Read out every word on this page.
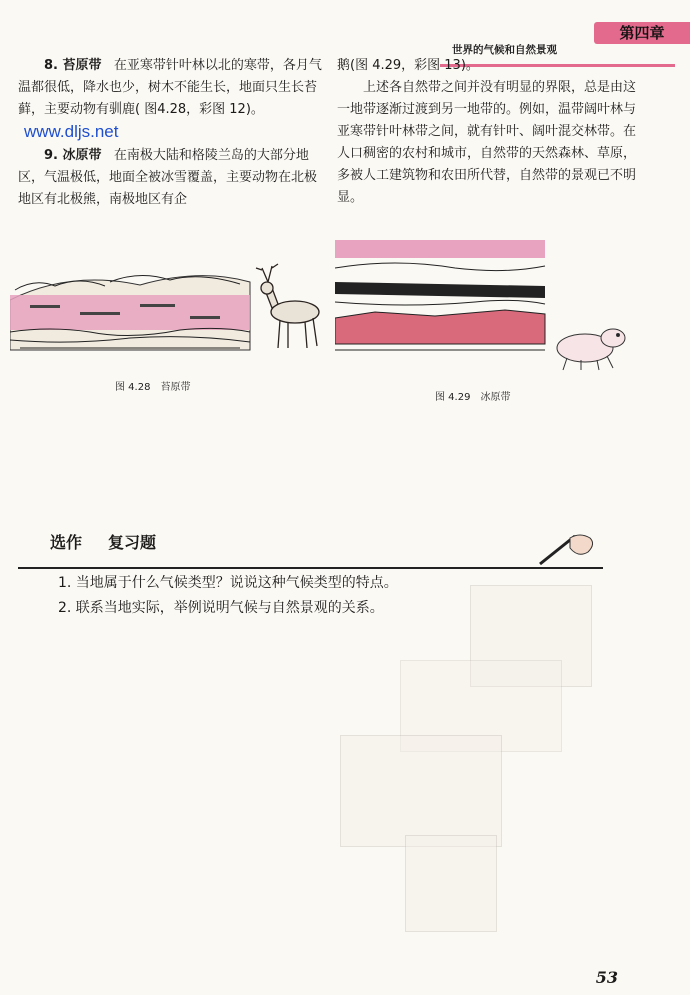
第四章
世界的气候和自然景观

8. 苔原带 在亚寒带针叶林以北的寒带，各月气温都很低，降水也少，树木不能生长，地面只生长苔藓，主要动物有驯鹿( 图4.28，彩图 12)。www.dljs.net

9. 冰原带 在南极大陆和格陵兰岛的大部分地区，气温极低，地面全被冰雪覆盖，主要动物在北极地区有北极熊，南极地区有企

鹅(图 4.29，彩图 13)。

上述各自然带之间并没有明显的界限，总是由这一地带逐渐过渡到另一地带的。例如，温带阔叶林与亚寒带针叶林带之间，就有针叶、阔叶混交林带。在人口稠密的农村和城市，自然带的天然森林、草原，多被人工建筑物和农田所代替，自然带的景观已不明显。

图 4.28　苔原带
图 4.29　冰原带
选作 复习题
1. 当地属于什么气候类型？说说这种气候类型的特点。
2. 联系当地实际，举例说明气候与自然景观的关系。
53
